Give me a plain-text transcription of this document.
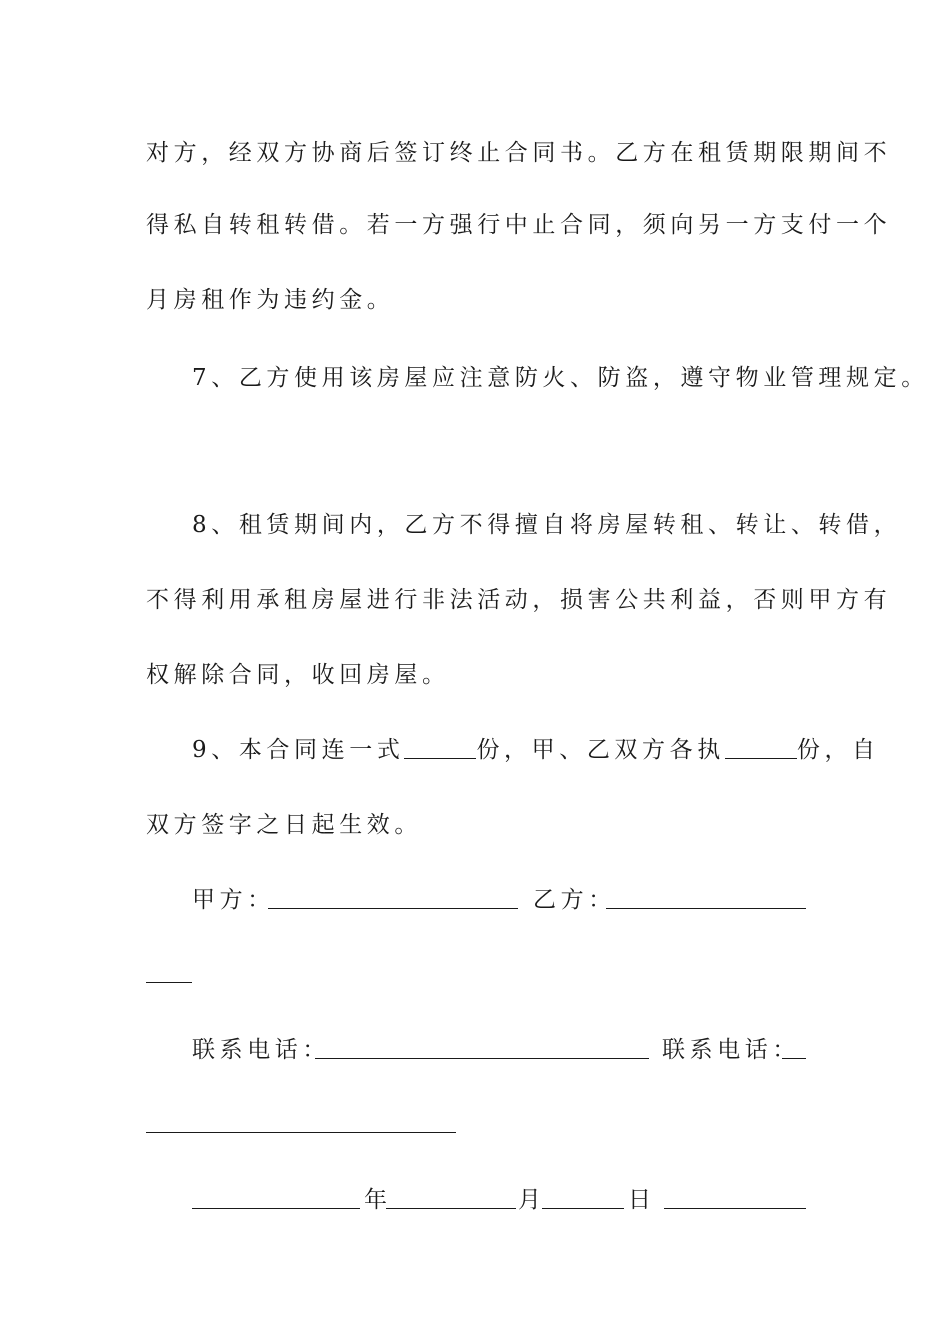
对方，经双方协商后签订终止合同书。乙方在租赁期限期间不
得私自转租转借。若一方强行中止合同，须向另一方支付一个
月房租作为违约金。
7、乙方使用该房屋应注意防火、防盗，遵守物业管理规定。
8、租赁期间内，乙方不得擅自将房屋转租、转让、转借，
不得利用承租房屋进行非法活动，损害公共利益，否则甲方有
权解除合同，收回房屋。
9、本合同连一式	份，甲、乙双方各执	份，自
双方签字之日起生效。
甲方：	乙方：
联系电话：	联系电话：
年	月	日
